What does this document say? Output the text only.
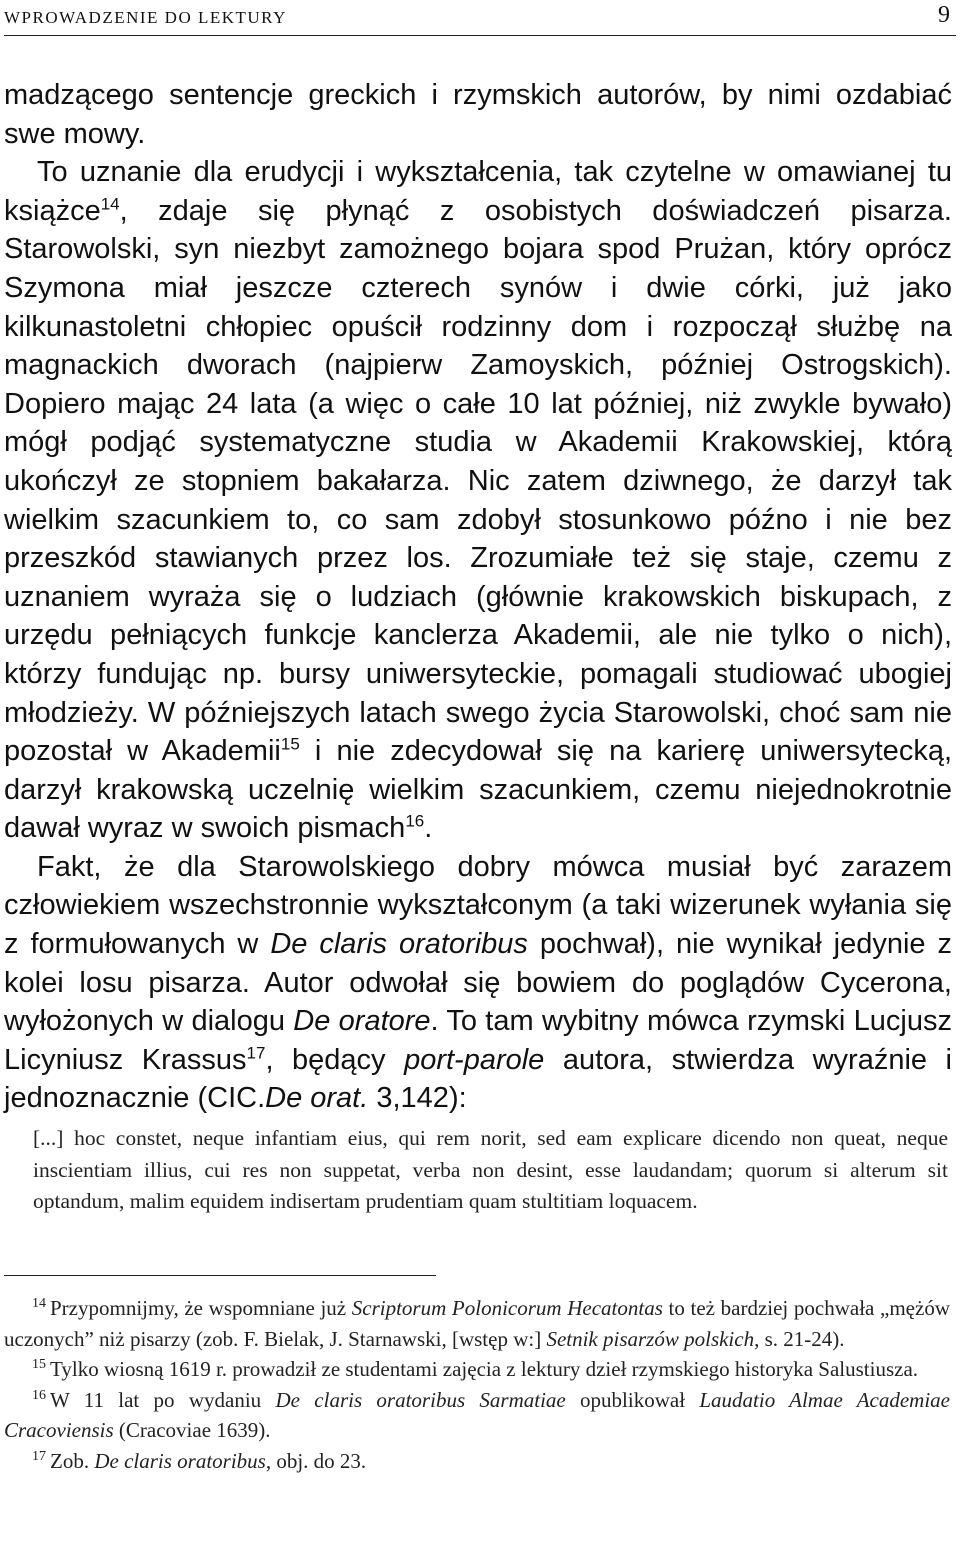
WPROWADZENIE DO LEKTURY	9

madzącego sentencje greckich i rzymskich autorów, by nimi ozdabiać swe mowy.

To uznanie dla erudycji i wykształcenia, tak czytelne w omawianej tu książce$^{14}$, zdaje się płynąć z osobistych doświadczeń pisarza. Starowolski, syn niezbyt zamożnego bojara spod Prużan, który oprócz Szymona miał jeszcze czterech synów i dwie córki, już jako kilkunastoletni chłopiec opuścił rodzinny dom i rozpoczął służbę na magnackich dworach (najpierw Zamoyskich, później Ostrogskich). Dopiero mając 24 lata (a więc o całe 10 lat później, niż zwykle bywało) mógł podjąć systematyczne studia w Akademii Krakowskiej, którą ukończył ze stopniem bakałarza. Nic zatem dziwnego, że darzył tak wielkim szacunkiem to, co sam zdobył stosunkowo późno i nie bez przeszkód stawianych przez los. Zrozumiałe też się staje, czemu z uznaniem wyraża się o ludziach (głównie krakowskich biskupach, z urzędu pełniących funkcje kanclerza Akademii, ale nie tylko o nich), którzy fundując np. bursy uniwersyteckie, pomagali studiować ubogiej młodzieży. W późniejszych latach swego życia Starowolski, choć sam nie pozostał w Akademii$^{15}$ i nie zdecydował się na karierę uniwersytecką, darzył krakowską uczelnię wielkim szacunkiem, czemu niejednokrotnie dawał wyraz w swoich pismach$^{16}$.

Fakt, że dla Starowolskiego dobry mówca musiał być zarazem człowiekiem wszechstronnie wykształconym (a taki wizerunek wyłania się z formułowanych w De claris oratoribus pochwał), nie wynikał jedynie z kolei losu pisarza. Autor odwołał się bowiem do poglądów Cycerona, wyłożonych w dialogu De oratore. To tam wybitny mówca rzymski Lucjusz Licyniusz Krassus$^{17}$, będący port-parole autora, stwierdza wyraźnie i jednoznacznie (CIC.De orat. 3,142):

[...] hoc constet, neque infantiam eius, qui rem norit, sed eam explicare dicendo non queat, neque inscientiam illius, cui res non suppetat, verba non desint, esse laudandam; quorum si alterum sit optandum, malim equidem indisertam prudentiam quam stultitiam loquacem.

$^{14}$ Przypomnijmy, że wspomniane już Scriptorum Polonicorum Hecatontas to też bardziej pochwała „mężów uczonych” niż pisarzy (zob. F. Bielak, J. Starnawski, [wstęp w:] Setnik pisarzów polskich, s. 21-24).

$^{15}$ Tylko wiosną 1619 r. prowadził ze studentami zajęcia z lektury dzieł rzymskiego historyka Salustiusza.

$^{16}$ W 11 lat po wydaniu De claris oratoribus Sarmatiae opublikował Laudatio Almae Academiae Cracoviensis (Cracoviae 1639).

$^{17}$ Zob. De claris oratoribus, obj. do 23.
